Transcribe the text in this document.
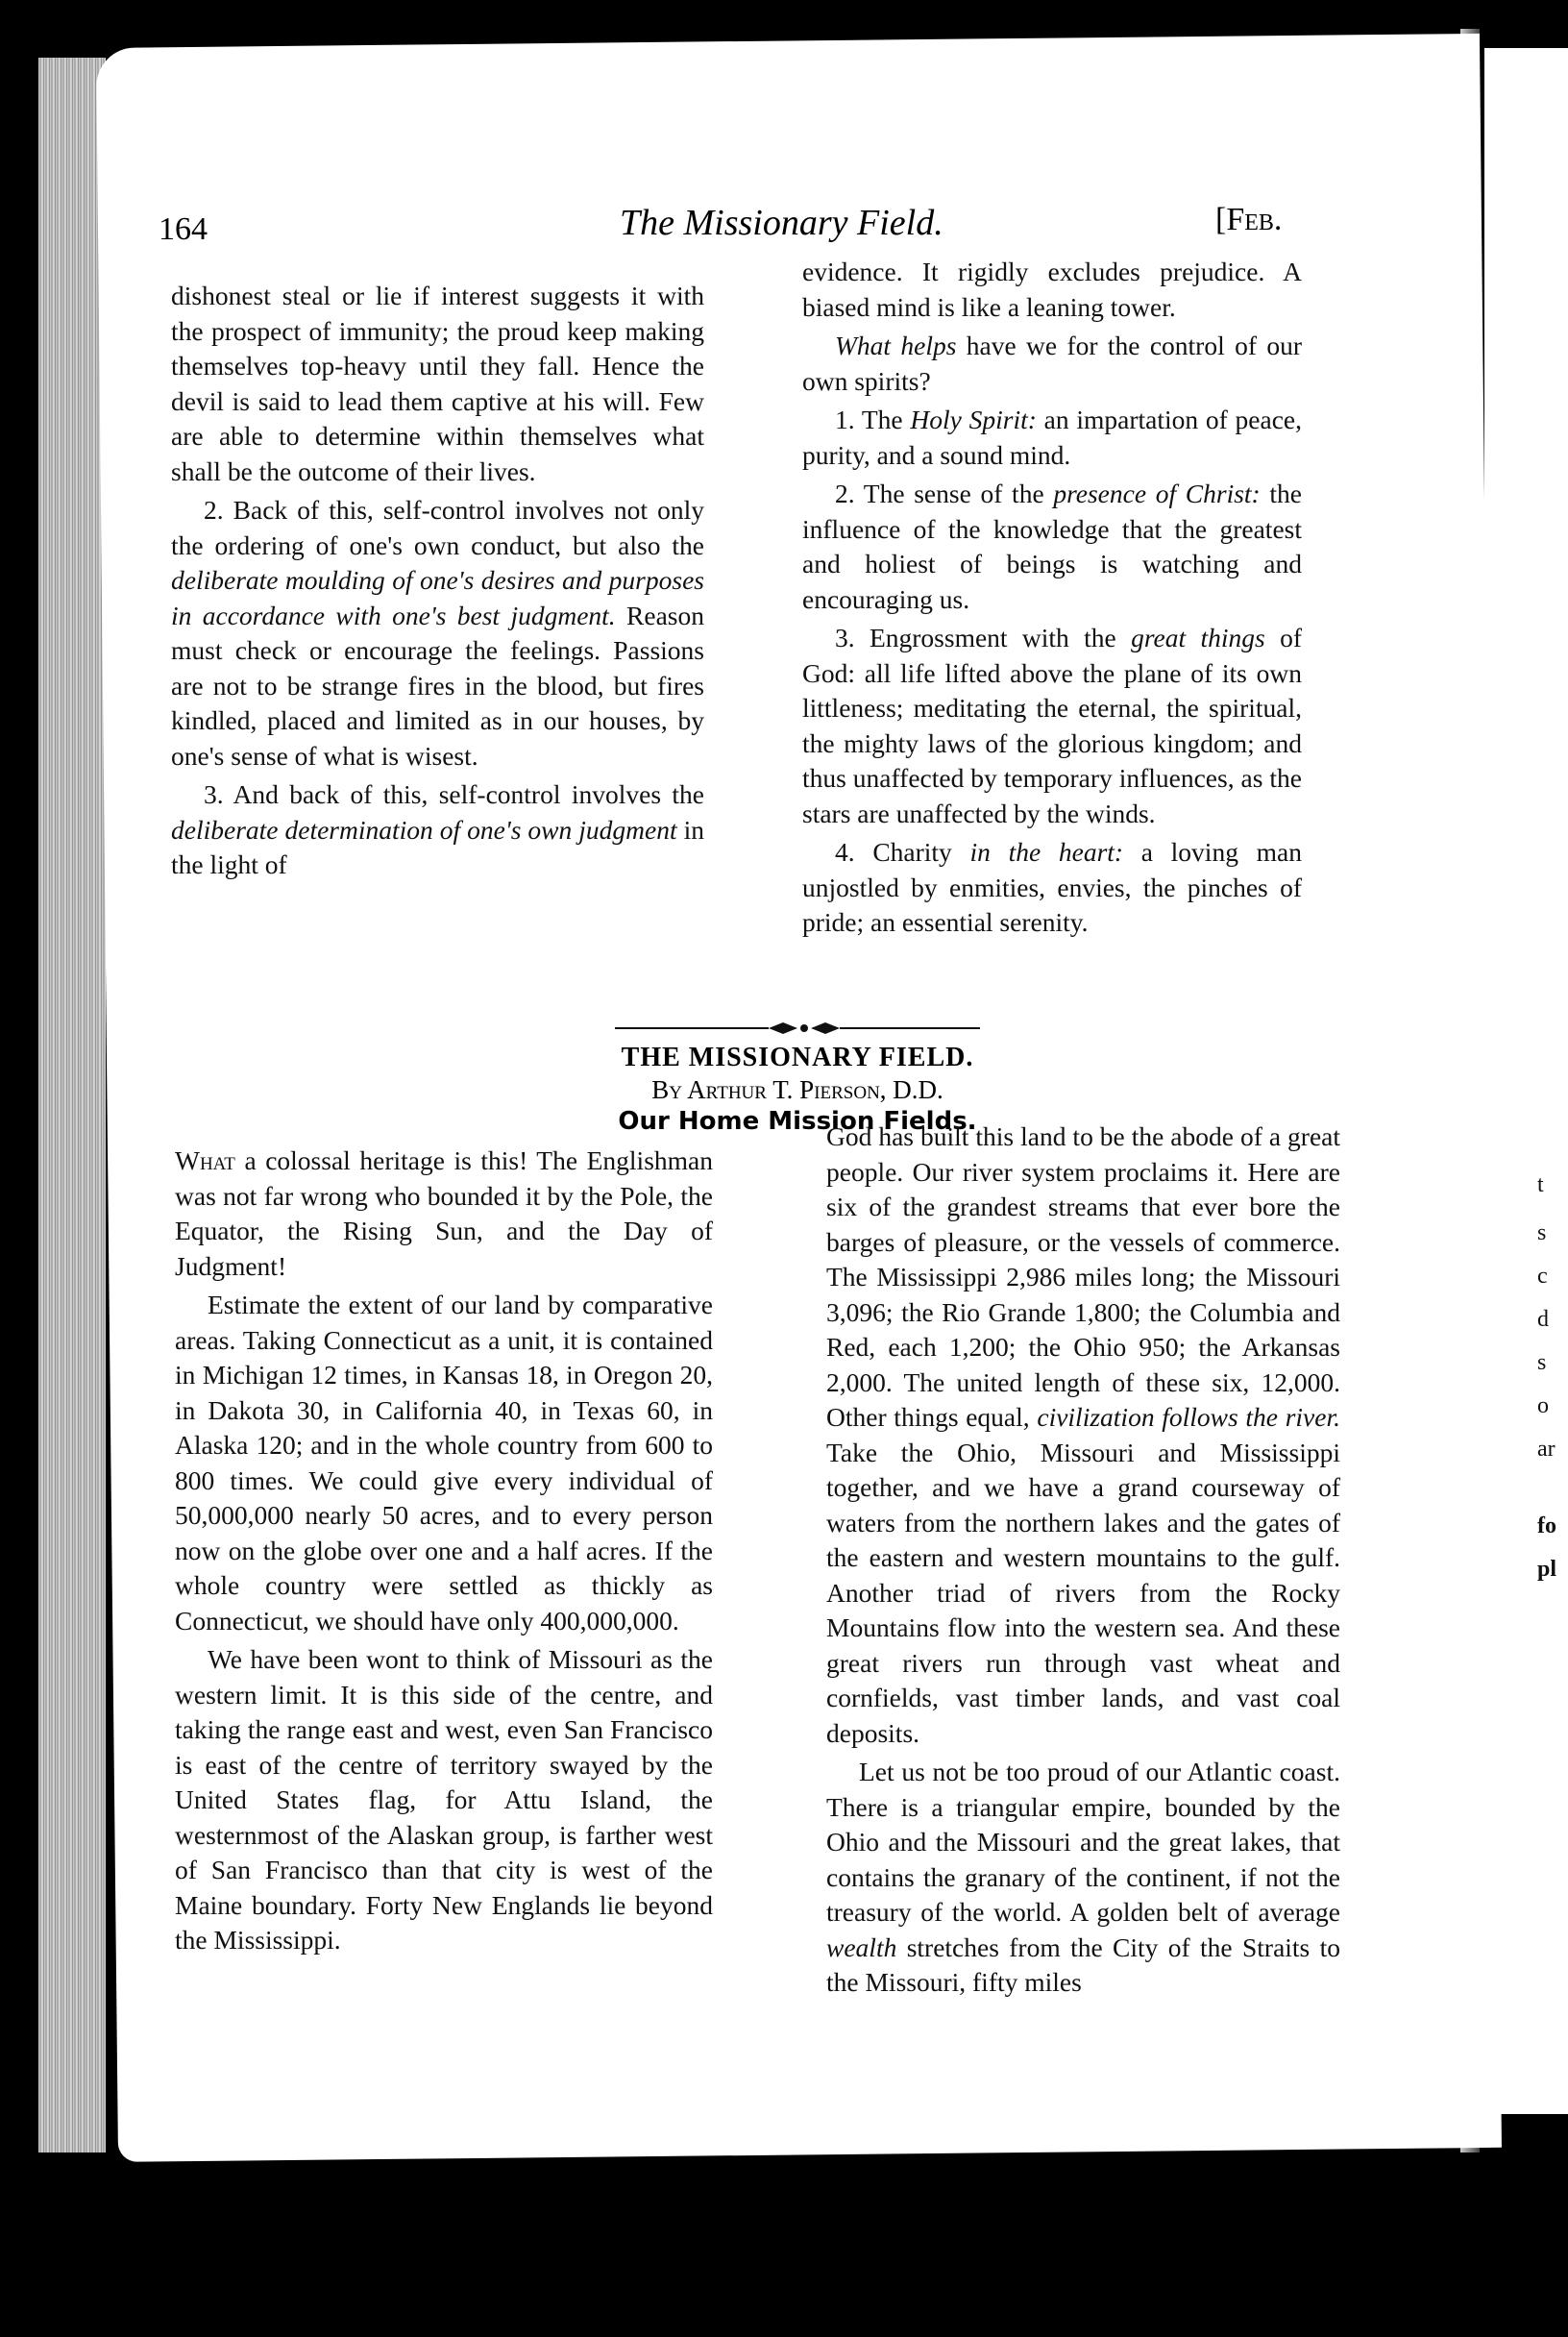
t
s
c
d
s
o
ar
fo
pl
164	The Missionary Field.	[Feb.

dishonest steal or lie if interest suggests it with the prospect of immunity; the proud keep making themselves top-heavy until they fall. Hence the devil is said to lead them captive at his will. Few are able to determine within themselves what shall be the outcome of their lives.

2. Back of this, self-control involves not only the ordering of one's own conduct, but also the deliberate moulding of one's desires and purposes in accordance with one's best judgment. Reason must check or encourage the feelings. Passions are not to be strange fires in the blood, but fires kindled, placed and limited as in our houses, by one's sense of what is wisest.

3. And back of this, self-control involves the deliberate determination of one's own judgment in the light of

evidence. It rigidly excludes prejudice. A biased mind is like a leaning tower.

What helps have we for the control of our own spirits?

1. The Holy Spirit: an impartation of peace, purity, and a sound mind.

2. The sense of the presence of Christ: the influence of the knowledge that the greatest and holiest of beings is watching and encouraging us.

3. Engrossment with the great things of God: all life lifted above the plane of its own littleness; meditating the eternal, the spiritual, the mighty laws of the glorious kingdom; and thus unaffected by temporary influences, as the stars are unaffected by the winds.

4. Charity in the heart: a loving man unjostled by enmities, envies, the pinches of pride; an essential serenity.

THE MISSIONARY FIELD.
By Arthur T. Pierson, D.D.
Our Home Mission Fields.

What a colossal heritage is this! The Englishman was not far wrong who bounded it by the Pole, the Equator, the Rising Sun, and the Day of Judgment!

Estimate the extent of our land by comparative areas. Taking Connecticut as a unit, it is contained in Michigan 12 times, in Kansas 18, in Oregon 20, in Dakota 30, in California 40, in Texas 60, in Alaska 120; and in the whole country from 600 to 800 times. We could give every individual of 50,000,000 nearly 50 acres, and to every person now on the globe over one and a half acres. If the whole country were settled as thickly as Connecticut, we should have only 400,000,000.

We have been wont to think of Missouri as the western limit. It is this side of the centre, and taking the range east and west, even San Francisco is east of the centre of territory swayed by the United States flag, for Attu Island, the westernmost of the Alaskan group, is farther west of San Francisco than that city is west of the Maine boundary. Forty New Englands lie beyond the Mississippi.

God has built this land to be the abode of a great people. Our river system proclaims it. Here are six of the grandest streams that ever bore the barges of pleasure, or the vessels of commerce. The Mississippi 2,986 miles long; the Missouri 3,096; the Rio Grande 1,800; the Columbia and Red, each 1,200; the Ohio 950; the Arkansas 2,000. The united length of these six, 12,000. Other things equal, civilization follows the river. Take the Ohio, Missouri and Mississippi together, and we have a grand courseway of waters from the northern lakes and the gates of the eastern and western mountains to the gulf. Another triad of rivers from the Rocky Mountains flow into the western sea. And these great rivers run through vast wheat and cornfields, vast timber lands, and vast coal deposits.

Let us not be too proud of our Atlantic coast. There is a triangular empire, bounded by the Ohio and the Missouri and the great lakes, that contains the granary of the continent, if not the treasury of the world. A golden belt of average wealth stretches from the City of the Straits to the Missouri, fifty miles
